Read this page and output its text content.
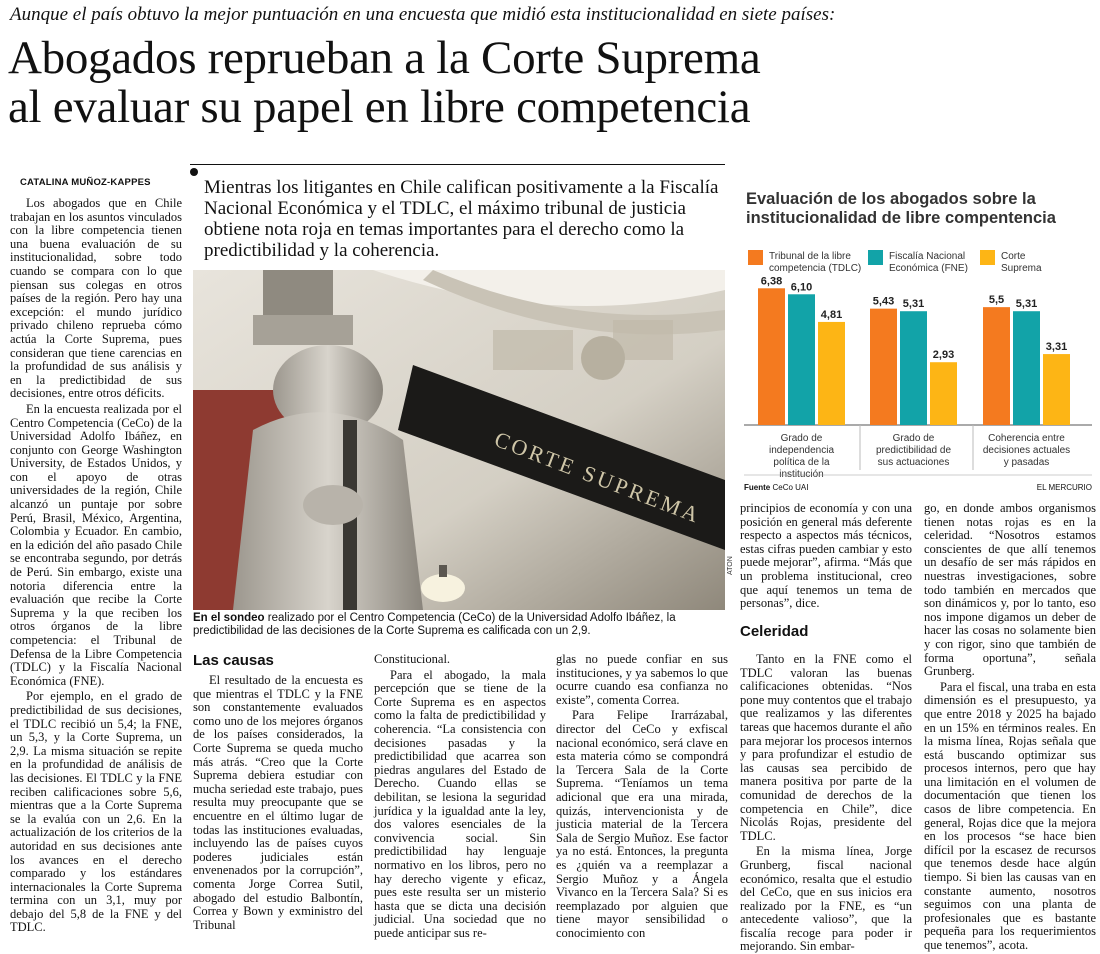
Aunque el país obtuvo la mejor puntuación en una encuesta que midió esta institucionalidad en siete países:
Abogados reprueban a la Corte Suprema
al evaluar su papel en libre competencia
CATALINA MUÑOZ-KAPPES

Los abogados que en Chile trabajan en los asuntos vinculados con la libre competencia tienen una buena evaluación de su institucionalidad, sobre todo cuando se compara con lo que piensan sus colegas en otros países de la región. Pero hay una excepción: el mundo jurídico privado chileno reprueba cómo actúa la Corte Suprema, pues consideran que tiene carencias en la profundidad de sus análisis y en la predictibidad de sus decisiones, entre otros déficits.

En la encuesta realizada por el Centro Competencia (CeCo) de la Universidad Adolfo Ibáñez, en conjunto con George Washington University, de Estados Unidos, y con el apoyo de otras universidades de la región, Chile alcanzó un puntaje por sobre Perú, Brasil, México, Argentina, Colombia y Ecuador. En cambio, en la edición del año pasado Chile se encontraba segundo, por detrás de Perú. Sin embargo, existe una notoria diferencia entre la evaluación que recibe la Corte Suprema y la que reciben los otros órganos de la libre competencia: el Tribunal de Defensa de la Libre Competencia (TDLC) y la Fiscalía Nacional Económica (FNE).

Por ejemplo, en el grado de predictibilidad de sus decisiones, el TDLC recibió un 5,4; la FNE, un 5,3, y la Corte Suprema, un 2,9. La misma situación se repite en la profundidad de análisis de las decisiones. El TDLC y la FNE reciben calificaciones sobre 5,6, mientras que a la Corte Suprema se la evalúa con un 2,6. En la actualización de los criterios de la autoridad en sus decisiones ante los avances en el derecho comparado y los estándares internacionales la Corte Suprema termina con un 3,1, muy por debajo del 5,8 de la FNE y del TDLC.

Mientras los litigantes en Chile califican positivamente a la Fiscalía Nacional Económica y el TDLC, el máximo tribunal de justicia obtiene nota roja en temas importantes para el derecho como la predictibilidad y la coherencia.
CORTE SUPREMA
ATON
En el sondeo realizado por el Centro Competencia (CeCo) de la Universidad Adolfo Ibáñez, la predictibilidad de las decisiones de la Corte Suprema es calificada con un 2,9.
Las causas

El resultado de la encuesta es que mientras el TDLC y la FNE son constantemente evaluados como uno de los mejores órganos de los países considerados, la Corte Suprema se queda mucho más atrás. “Creo que la Corte Suprema debiera estudiar con mucha seriedad este trabajo, pues resulta muy preocupante que se encuentre en el último lugar de todas las instituciones evaluadas, incluyendo las de países cuyos poderes judiciales están envenenados por la corrupción”, comenta Jorge Correa Sutil, abogado del estudio Balbontín, Correa y Bown y exministro del Tribunal

Constitucional.

Para el abogado, la mala percepción que se tiene de la Corte Suprema es en aspectos como la falta de predictibilidad y coherencia. “La consistencia con decisiones pasadas y la predictibilidad que acarrea son piedras angulares del Estado de Derecho. Cuando ellas se debilitan, se lesiona la seguridad jurídica y la igualdad ante la ley, dos valores esenciales de la convivencia social. Sin predictibilidad hay lenguaje normativo en los libros, pero no hay derecho vigente y eficaz, pues este resulta ser un misterio hasta que se dicta una decisión judicial. Una sociedad que no puede anticipar sus re-

glas no puede confiar en sus instituciones, y ya sabemos lo que ocurre cuando esa confianza no existe”, comenta Correa.

Para Felipe Irarrázabal, director del CeCo y exfiscal nacional económico, será clave en esta materia cómo se compondrá la Tercera Sala de la Corte Suprema. “Teníamos un tema adicional que era una mirada, quizás, intervencionista y de justicia material de la Tercera Sala de Sergio Muñoz. Ese factor ya no está. Entonces, la pregunta es ¿quién va a reemplazar a Sergio Muñoz y a Ángela Vivanco en la Tercera Sala? Si es reemplazado por alguien que tiene mayor sensibilidad o conocimiento con

principios de economía y con una posición en general más deferente respecto a aspectos más técnicos, estas cifras pueden cambiar y esto puede mejorar”, afirma. “Más que un problema institucional, creo que aquí tenemos un tema de personas”, dice.

Celeridad

Tanto en la FNE como el TDLC valoran las buenas calificaciones obtenidas. “Nos pone muy contentos que el trabajo que realizamos y las diferentes tareas que hacemos durante el año para mejorar los procesos internos y para profundizar el estudio de las causas sea percibido de manera positiva por parte de la comunidad de derechos de la competencia en Chile”, dice Nicolás Rojas, presidente del TDLC.

En la misma línea, Jorge Grunberg, fiscal nacional económico, resalta que el estudio del CeCo, que en sus inicios era realizado por la FNE, es “un antecedente valioso”, que la fiscalía recoge para poder ir mejorando. Sin embar-

go, en donde ambos organismos tienen notas rojas es en la celeridad. “Nosotros estamos conscientes de que allí tenemos un desafío de ser más rápidos en nuestras investigaciones, sobre todo también en mercados que son dinámicos y, por lo tanto, eso nos impone digamos un deber de hacer las cosas no solamente bien y con rigor, sino que también de forma oportuna”, señala Grunberg.

Para el fiscal, una traba en esta dimensión es el presupuesto, ya que entre 2018 y 2025 ha bajado en un 15% en términos reales. En la misma línea, Rojas señala que está buscando optimizar sus procesos internos, pero que hay una limitación en el volumen de documentación que tienen los casos de libre competencia. En general, Rojas dice que la mejora en los procesos “se hace bien difícil por la escasez de recursos que tenemos desde hace algún tiempo. Si bien las causas van en constante aumento, nosotros seguimos con una planta de profesionales que es bastante pequeña para los requerimientos que tenemos”, acota.

Tribunal de la libre competencia (TDLC)
Fiscalía Nacional Económica (FNE)
Corte Suprema
6,38 6,10
4,81
Grado de independencia política de la institución
5,43 5,31
2,93
Grado de predictibilidad de sus actuaciones
5,5 5,31
3,31
Coherencia entre decisiones actuales y pasadas
Evaluación de los abogados sobre la institucionalidad de libre compentencia
Fuente CeCo UAI	EL MERCURIO
